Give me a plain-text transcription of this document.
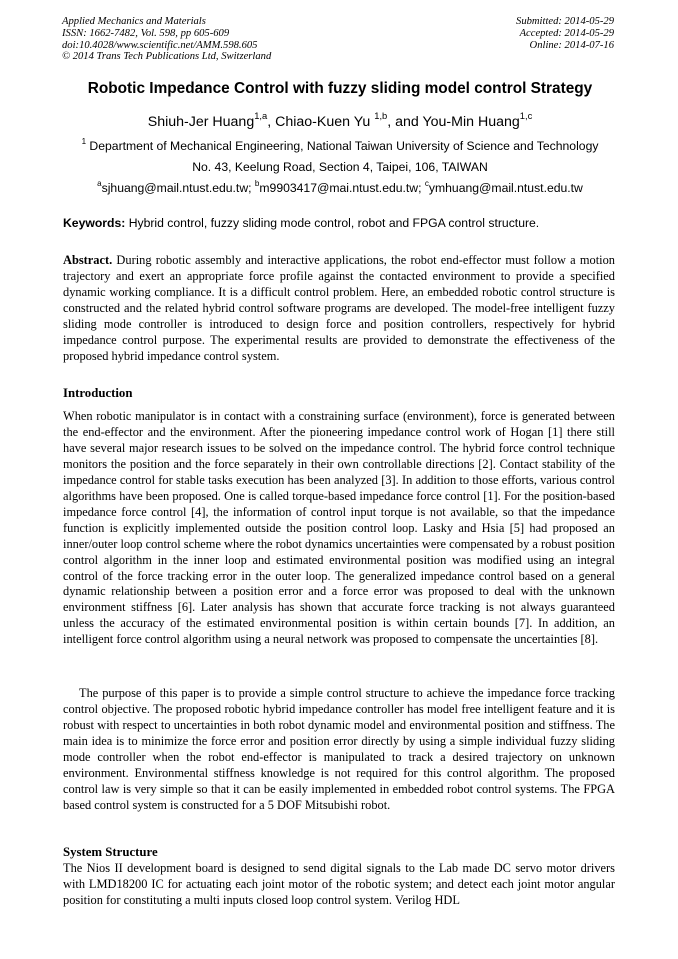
Applied Mechanics and Materials
ISSN: 1662-7482, Vol. 598, pp 605-609
doi:10.4028/www.scientific.net/AMM.598.605
© 2014 Trans Tech Publications Ltd, Switzerland
Submitted: 2014-05-29
Accepted: 2014-05-29
Online: 2014-07-16
Robotic Impedance Control with fuzzy sliding model control Strategy
Shiuh-Jer Huang$^{1,a}$, Chiao-Kuen Yu $^{1,b}$, and You-Min Huang$^{1,c}$
$^1$ Department of Mechanical Engineering, National Taiwan University of Science and Technology
No. 43, Keelung Road, Section 4, Taipei, 106, TAIWAN
$^a$sjhuang@mail.ntust.edu.tw; $^b$m9903417@mai.ntust.edu.tw; $^c$ymhuang@mail.ntust.edu.tw
Keywords: Hybrid control, fuzzy sliding mode control, robot and FPGA control structure.

Abstract. During robotic assembly and interactive applications, the robot end-effector must follow a motion trajectory and exert an appropriate force profile against the contacted environment to provide a specified dynamic working compliance. It is a difficult control problem. Here, an embedded robotic control structure is constructed and the related hybrid control software programs are developed. The model-free intelligent fuzzy sliding mode controller is introduced to design force and position controllers, respectively for hybrid impedance control purpose. The experimental results are provided to demonstrate the effectiveness of the proposed hybrid impedance control system.

Introduction

When robotic manipulator is in contact with a constraining surface (environment), force is generated between the end-effector and the environment. After the pioneering impedance control work of Hogan [1] there still have several major research issues to be solved on the impedance control. The hybrid force control technique monitors the position and the force separately in their own controllable directions [2]. Contact stability of the impedance control for stable tasks execution has been analyzed [3]. In addition to those efforts, various control algorithms have been proposed. One is called torque-based impedance force control [1]. For the position-based impedance force control [4], the information of control input torque is not available, so that the impedance function is explicitly implemented outside the position control loop. Lasky and Hsia [5] had proposed an inner/outer loop control scheme where the robot dynamics uncertainties were compensated by a robust position control algorithm in the inner loop and estimated environmental position was modified using an integral control of the force tracking error in the outer loop. The generalized impedance control based on a general dynamic relationship between a position error and a force error was proposed to deal with the unknown environment stiffness [6]. Later analysis has shown that accurate force tracking is not always guaranteed unless the accuracy of the estimated environmental position is within certain bounds [7]. In addition, an intelligent force control algorithm using a neural network was proposed to compensate the uncertainties [8].

The purpose of this paper is to provide a simple control structure to achieve the impedance force tracking control objective. The proposed robotic hybrid impedance controller has model free intelligent feature and it is robust with respect to uncertainties in both robot dynamic model and environmental position and stiffness. The main idea is to minimize the force error and position error directly by using a simple individual fuzzy sliding mode controller when the robot end-effector is manipulated to track a desired trajectory on unknown environment. Environmental stiffness knowledge is not required for this control algorithm. The proposed control law is very simple so that it can be easily implemented in embedded robot control systems. The FPGA based control system is constructed for a 5 DOF Mitsubishi robot.

System Structure

The Nios II development board is designed to send digital signals to the Lab made DC servo motor drivers with LMD18200 IC for actuating each joint motor of the robotic system; and detect each joint motor angular position for constituting a multi inputs closed loop control system. Verilog HDL
